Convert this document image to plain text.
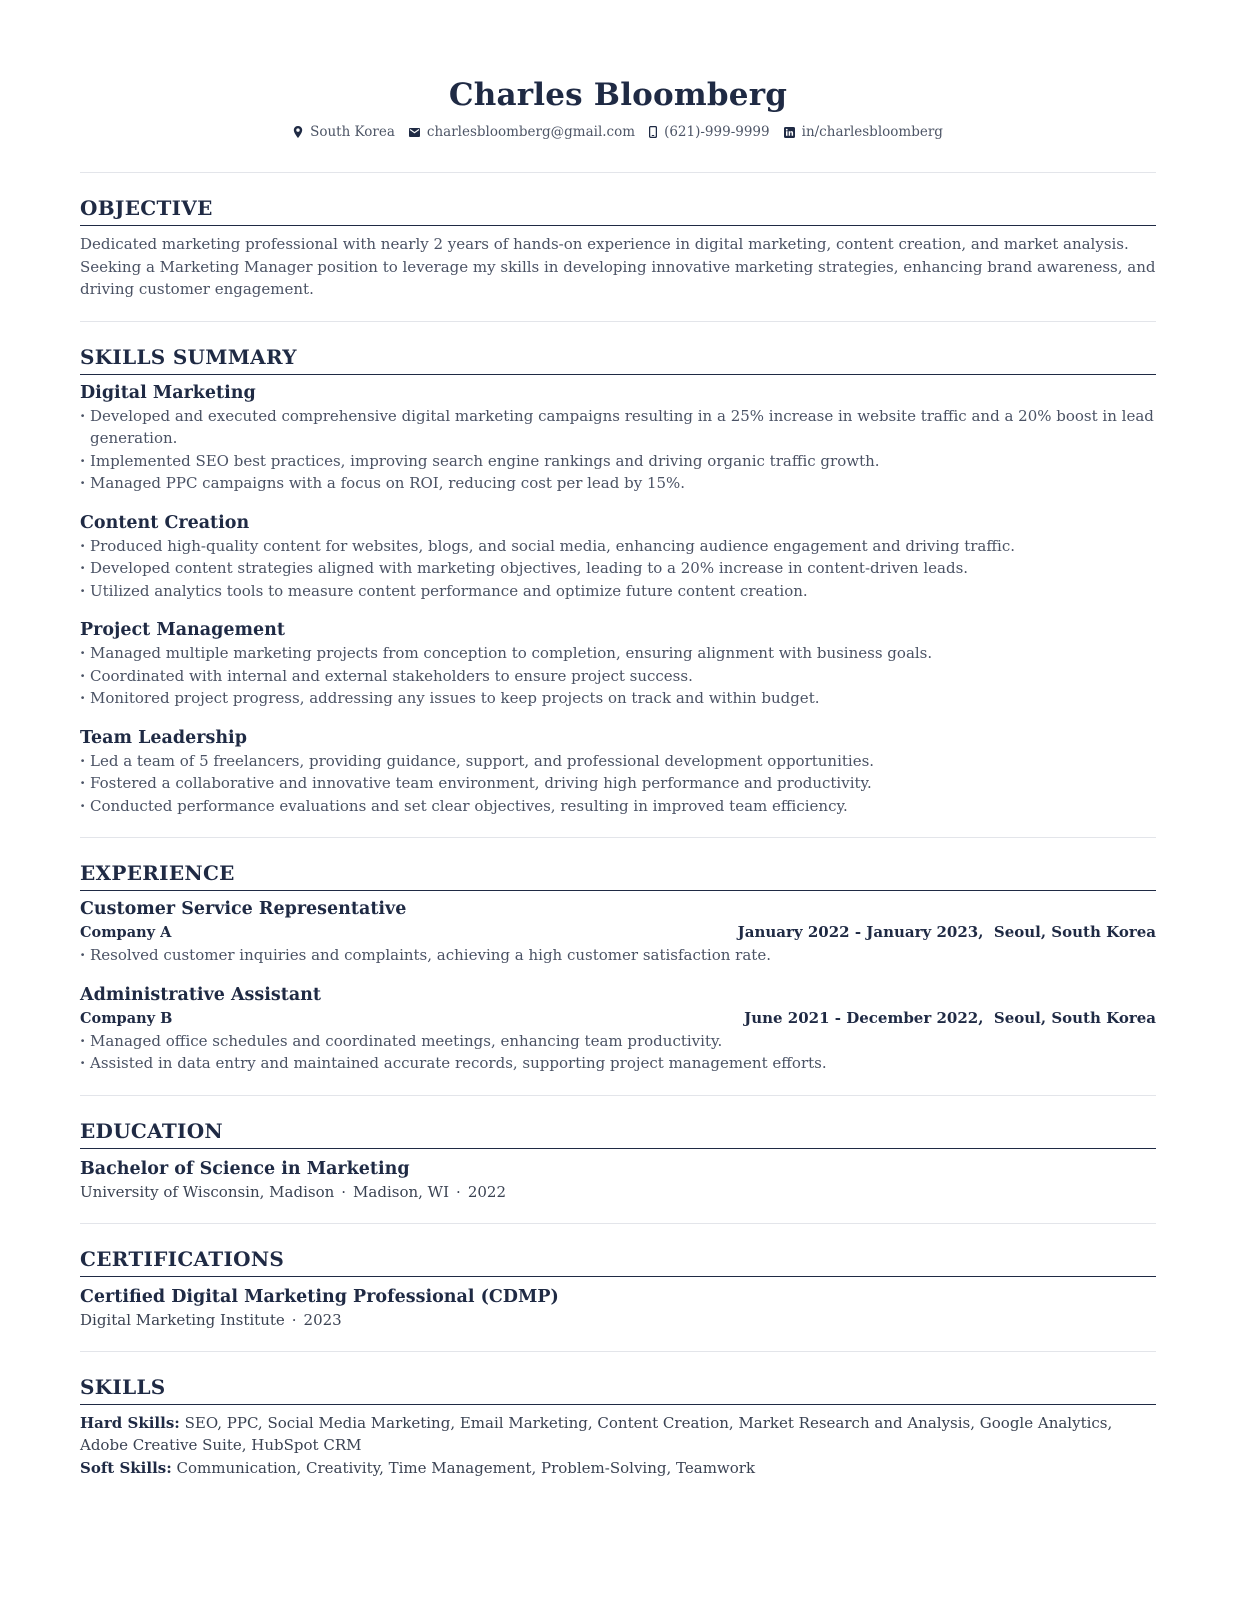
Charles Bloomberg
South Korea charlesbloomberg@gmail.com (621)-999-9999 in/charlesbloomberg
OBJECTIVE
Dedicated marketing professional with nearly 2 years of hands-on experience in digital marketing, content creation, and market analysis. Seeking a Marketing Manager position to leverage my skills in developing innovative marketing strategies, enhancing brand awareness, and driving customer engagement.
SKILLS SUMMARY
Digital Marketing
· Developed and executed comprehensive digital marketing campaigns resulting in a 25% increase in website traffic and a 20% boost in lead generation.
· Implemented SEO best practices, improving search engine rankings and driving organic traffic growth.
· Managed PPC campaigns with a focus on ROI, reducing cost per lead by 15%.
Content Creation
· Produced high-quality content for websites, blogs, and social media, enhancing audience engagement and driving traffic.
· Developed content strategies aligned with marketing objectives, leading to a 20% increase in content-driven leads.
· Utilized analytics tools to measure content performance and optimize future content creation.
Project Management
· Managed multiple marketing projects from conception to completion, ensuring alignment with business goals.
· Coordinated with internal and external stakeholders to ensure project success.
· Monitored project progress, addressing any issues to keep projects on track and within budget.
Team Leadership
· Led a team of 5 freelancers, providing guidance, support, and professional development opportunities.
· Fostered a collaborative and innovative team environment, driving high performance and productivity.
· Conducted performance evaluations and set clear objectives, resulting in improved team efficiency.
EXPERIENCE
Customer Service Representative
Company A	January 2022 - January 2023,  Seoul, South Korea
· Resolved customer inquiries and complaints, achieving a high customer satisfaction rate.
Administrative Assistant
Company B	June 2021 - December 2022,  Seoul, South Korea
· Managed office schedules and coordinated meetings, enhancing team productivity.
· Assisted in data entry and maintained accurate records, supporting project management efforts.
EDUCATION
Bachelor of Science in Marketing
University of Wisconsin, Madison · Madison, WI · 2022
CERTIFICATIONS
Certified Digital Marketing Professional (CDMP)
Digital Marketing Institute · 2023
SKILLS
Hard Skills: SEO, PPC, Social Media Marketing, Email Marketing, Content Creation, Market Research and Analysis, Google Analytics, Adobe Creative Suite, HubSpot CRM
Soft Skills: Communication, Creativity, Time Management, Problem-Solving, Teamwork
